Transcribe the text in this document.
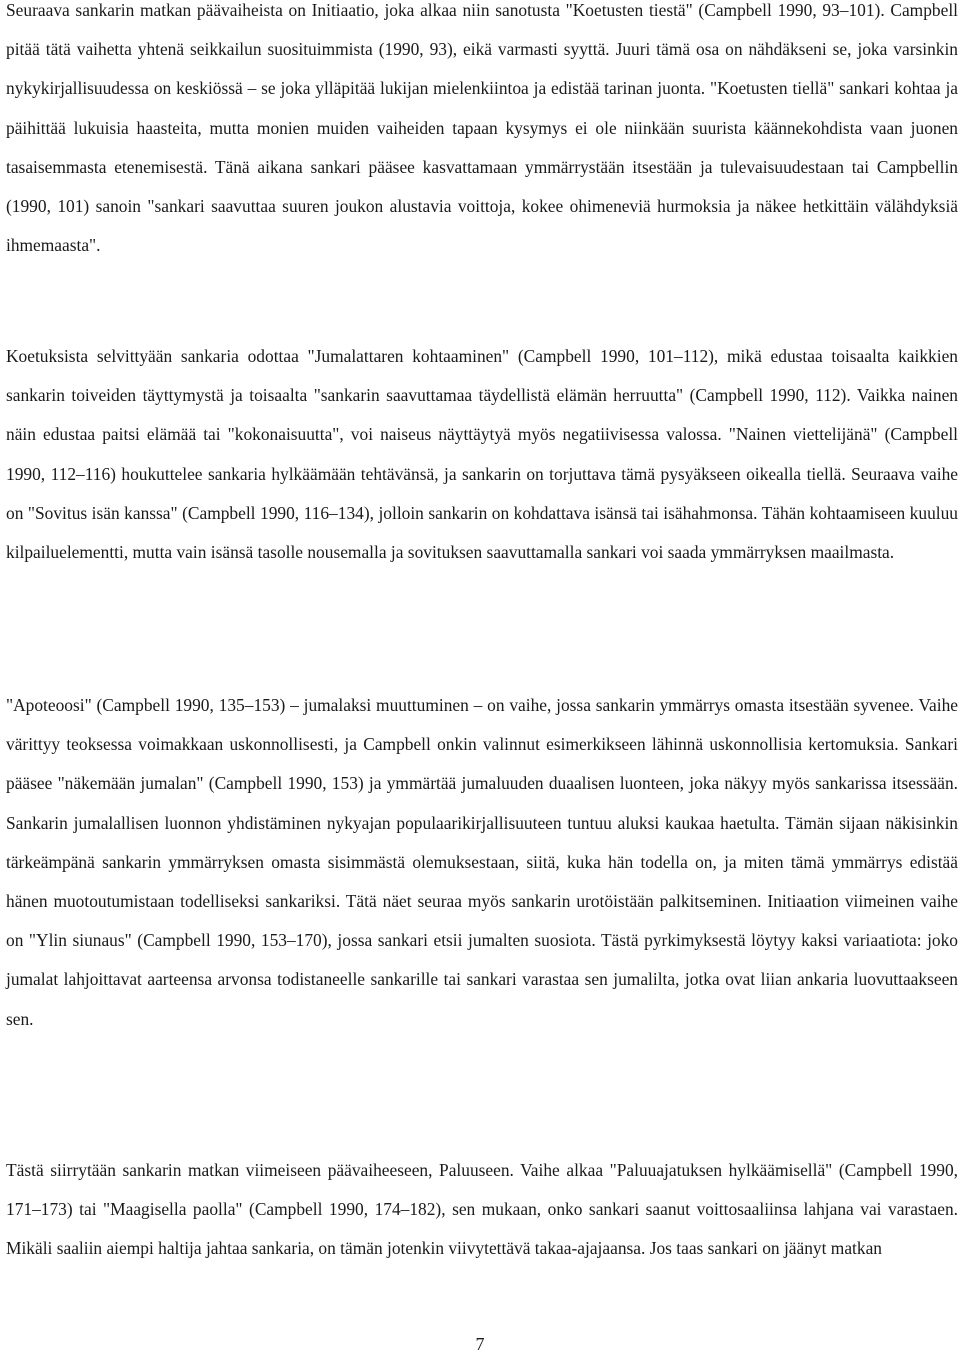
Seuraava sankarin matkan päävaiheista on Initiaatio, joka alkaa niin sanotusta "Koetusten tiestä" (Campbell 1990, 93–101). Campbell pitää tätä vaihetta yhtenä seikkailun suosituimmista (1990, 93), eikä varmasti syyttä. Juuri tämä osa on nähdäkseni se, joka varsinkin nykykirjallisuudessa on keskiössä – se joka ylläpitää lukijan mielenkiintoa ja edistää tarinan juonta. "Koetusten tiellä" sankari kohtaa ja päihittää lukuisia haasteita, mutta monien muiden vaiheiden tapaan kysymys ei ole niinkään suurista käännekohdista vaan juonen tasaisemmasta etenemisestä. Tänä aikana sankari pääsee kasvattamaan ymmärrystään itsestään ja tulevaisuudestaan tai Campbellin (1990, 101) sanoin "sankari saavuttaa suuren joukon alustavia voittoja, kokee ohimeneviä hurmoksia ja näkee hetkittäin välähdyksiä ihmemaasta".

Koetuksista selvittyään sankaria odottaa "Jumalattaren kohtaaminen" (Campbell 1990, 101–112), mikä edustaa toisaalta kaikkien sankarin toiveiden täyttymystä ja toisaalta "sankarin saavuttamaa täydellistä elämän herruutta" (Campbell 1990, 112). Vaikka nainen näin edustaa paitsi elämää tai "kokonaisuutta", voi naiseus näyttäytyä myös negatiivisessa valossa. "Nainen viettelijänä" (Campbell 1990, 112–116) houkuttelee sankaria hylkäämään tehtävänsä, ja sankarin on torjuttava tämä pysyäkseen oikealla tiellä. Seuraava vaihe on "Sovitus isän kanssa" (Campbell 1990, 116–134), jolloin sankarin on kohdattava isänsä tai isähahmonsa. Tähän kohtaamiseen kuuluu kilpailuelementti, mutta vain isänsä tasolle nousemalla ja sovituksen saavuttamalla sankari voi saada ymmärryksen maailmasta.

"Apoteoosi" (Campbell 1990, 135–153) – jumalaksi muuttuminen – on vaihe, jossa sankarin ymmärrys omasta itsestään syvenee. Vaihe värittyy teoksessa voimakkaan uskonnollisesti, ja Campbell onkin valinnut esimerkikseen lähinnä uskonnollisia kertomuksia. Sankari pääsee "näkemään jumalan" (Campbell 1990, 153) ja ymmärtää jumaluuden duaalisen luonteen, joka näkyy myös sankarissa itsessään. Sankarin jumalallisen luonnon yhdistäminen nykyajan populaarikirjallisuuteen tuntuu aluksi kaukaa haetulta. Tämän sijaan näkisinkin tärkeämpänä sankarin ymmärryksen omasta sisimmästä olemuksestaan, siitä, kuka hän todella on, ja miten tämä ymmärrys edistää hänen muotoutumistaan todelliseksi sankariksi. Tätä näet seuraa myös sankarin urotöistään palkitseminen. Initiaation viimeinen vaihe on "Ylin siunaus" (Campbell 1990, 153–170), jossa sankari etsii jumalten suosiota. Tästä pyrkimyksestä löytyy kaksi variaatiota: joko jumalat lahjoittavat aarteensa arvonsa todistaneelle sankarille tai sankari varastaa sen jumalilta, jotka ovat liian ankaria luovuttaakseen sen.

Tästä siirrytään sankarin matkan viimeiseen päävaiheeseen, Paluuseen. Vaihe alkaa "Paluuajatuksen hylkäämisellä" (Campbell 1990, 171–173) tai "Maagisella paolla" (Campbell 1990, 174–182), sen mukaan, onko sankari saanut voittosaaliinsa lahjana vai varastaen. Mikäli saaliin aiempi haltija jahtaa sankaria, on tämän jotenkin viivytettävä takaa-ajajaansa. Jos taas sankari on jäänyt matkan

7
